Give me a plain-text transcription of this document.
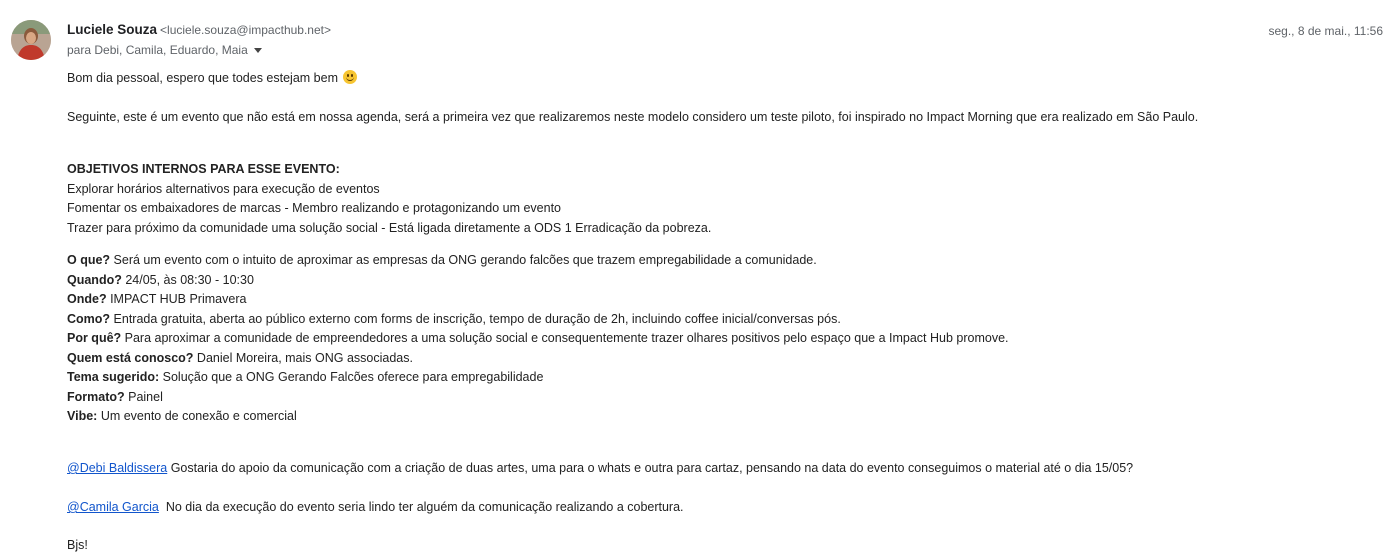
Luciele Souza <luciele.souza@impacthub.net>
para Debi, Camila, Eduardo, Maia
seg., 8 de mai., 11:56
Bom dia pessoal, espero que todes estejam bem
Seguinte, este é um evento que não está em nossa agenda, será a primeira vez que realizaremos neste modelo considero um teste piloto, foi inspirado no Impact Morning que era realizado em São Paulo.
OBJETIVOS INTERNOS PARA ESSE EVENTO:
Explorar horários alternativos para execução de eventos
Fomentar os embaixadores de marcas - Membro realizando e protagonizando um evento
Trazer para próximo da comunidade uma solução social - Está ligada diretamente a ODS 1 Erradicação da pobreza.
O que? Será um evento com o intuito de aproximar as empresas da ONG gerando falcões que trazem empregabilidade a comunidade.
Quando? 24/05, às 08:30 - 10:30
Onde? IMPACT HUB Primavera
Como? Entrada gratuita, aberta ao público externo com forms de inscrição, tempo de duração de 2h, incluindo coffee inicial/conversas pós.
Por quê? Para aproximar a comunidade de empreendedores a uma solução social e consequentemente trazer olhares positivos pelo espaço que a Impact Hub promove.
Quem está conosco? Daniel Moreira, mais ONG associadas.
Tema sugerido: Solução que a ONG Gerando Falcões oferece para empregabilidade
Formato? Painel
Vibe: Um evento de conexão e comercial
@Debi Baldissera Gostaria do apoio da comunicação com a criação de duas artes, uma para o whats e outra para cartaz, pensando na data do evento conseguimos o material até o dia 15/05?
@Camila Garcia  No dia da execução do evento seria lindo ter alguém da comunicação realizando a cobertura.
Bjs!
